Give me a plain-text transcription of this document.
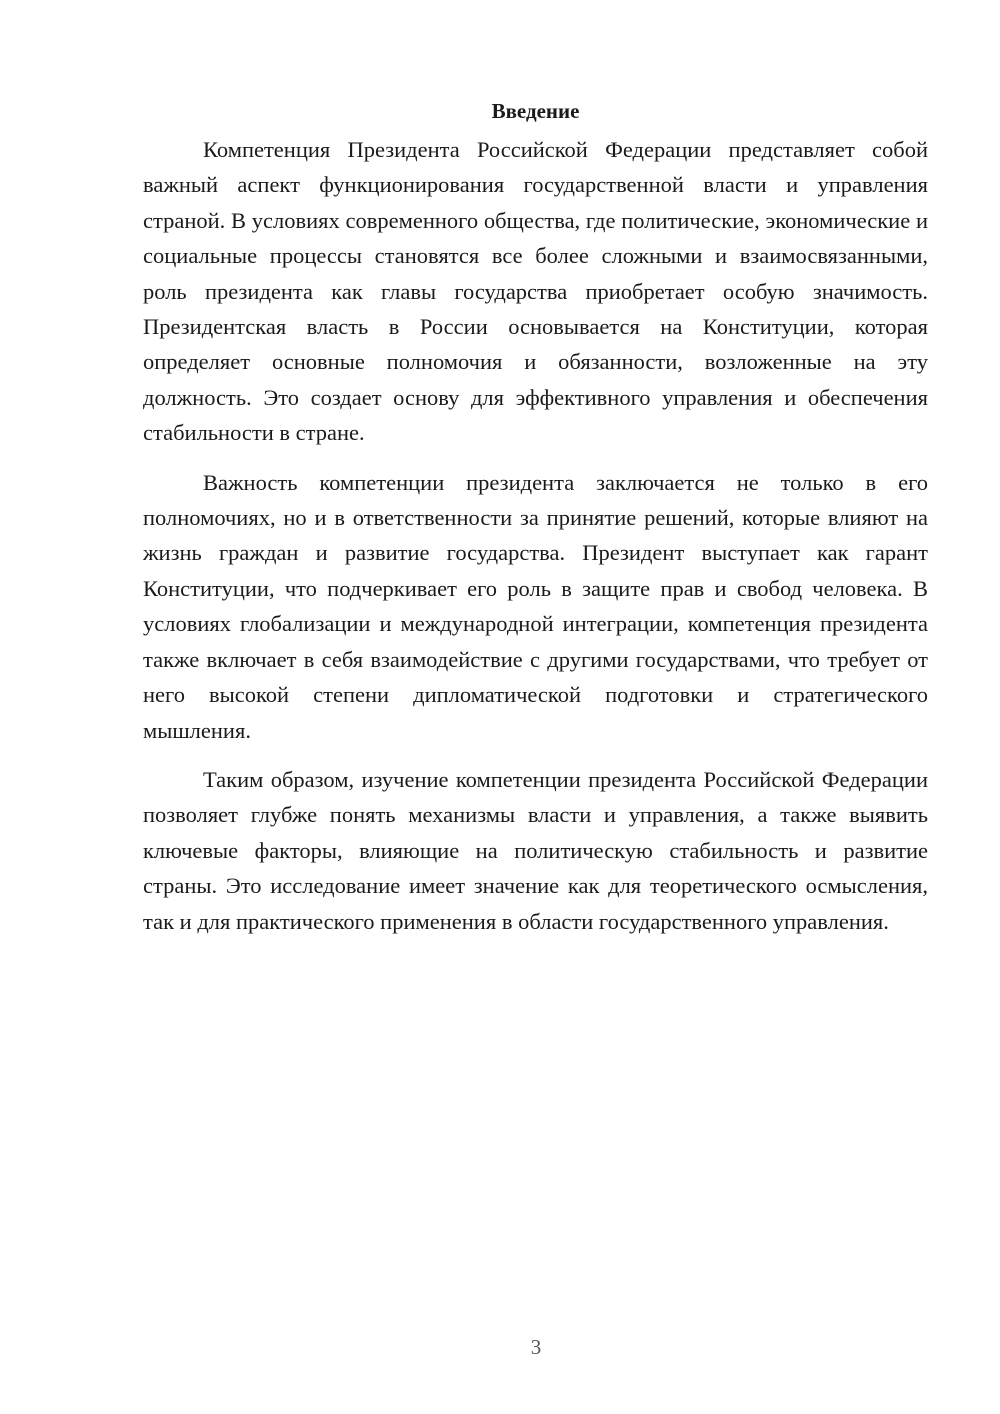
Введение

Компетенция Президента Российской Федерации представляет собой важный аспект функционирования государственной власти и управления страной. В условиях современного общества, где политические, экономические и социальные процессы становятся все более сложными и взаимосвязанными, роль президента как главы государства приобретает особую значимость. Президентская власть в России основывается на Конституции, которая определяет основные полномочия и обязанности, возложенные на эту должность. Это создает основу для эффективного управления и обеспечения стабильности в стране.

Важность компетенции президента заключается не только в его полномочиях, но и в ответственности за принятие решений, которые влияют на жизнь граждан и развитие государства. Президент выступает как гарант Конституции, что подчеркивает его роль в защите прав и свобод человека. В условиях глобализации и международной интеграции, компетенция президента также включает в себя взаимодействие с другими государствами, что требует от него высокой степени дипломатической подготовки и стратегического мышления.

Таким образом, изучение компетенции президента Российской Федерации позволяет глубже понять механизмы власти и управления, а также выявить ключевые факторы, влияющие на политическую стабильность и развитие страны. Это исследование имеет значение как для теоретического осмысления, так и для практического применения в области государственного управления.

3
